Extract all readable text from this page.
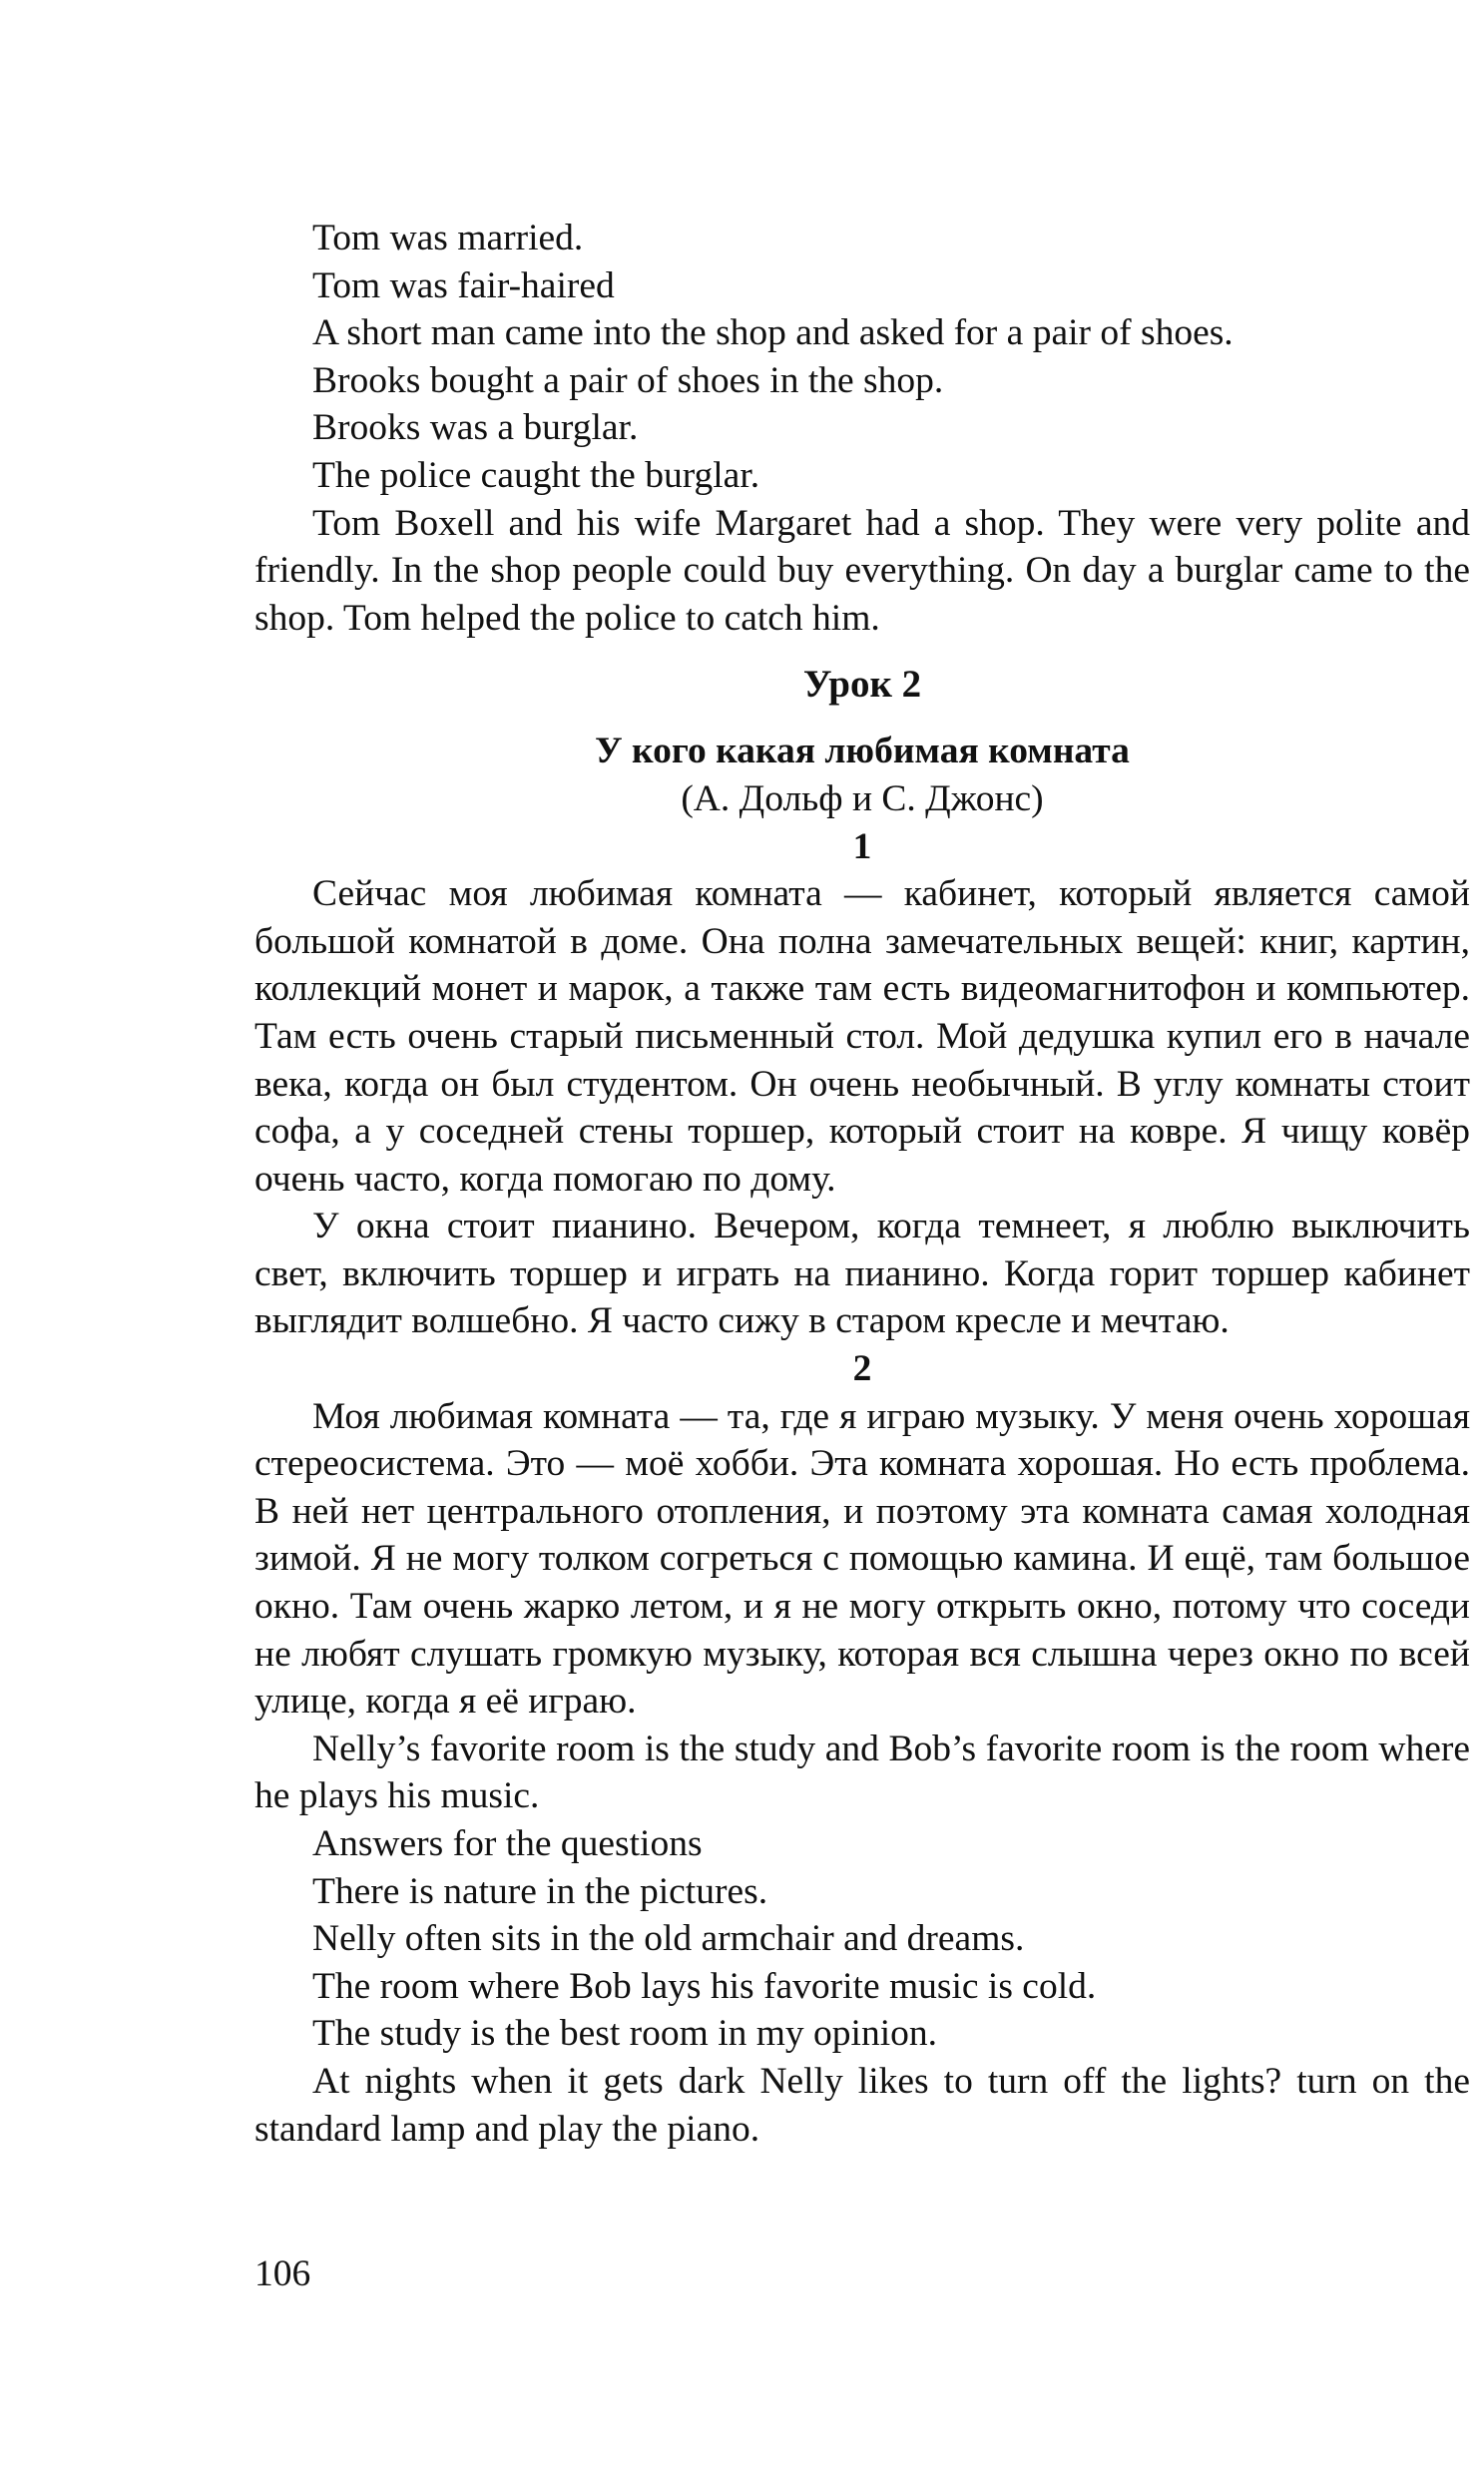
Tom was married.

Tom was fair-haired

A short man came into the shop and asked for a pair of shoes.

Brooks bought a pair of shoes in the shop.

Brooks was a burglar.

The police caught the burglar.

Tom Boxell and his wife Margaret had a shop. They were very polite and friendly. In the shop people could buy everything. On day a burglar came to the shop. Tom helped the police to catch him.

Урок 2

У кого какая любимая комната

(А. Дольф и С. Джонс)

1

Сейчас моя любимая комната — кабинет, который является самой большой комнатой в доме. Она полна замечательных вещей: книг, картин, коллекций монет и марок, а также там есть видеомагнитофон и компьютер. Там есть очень старый письменный стол. Мой дедушка купил его в начале века, когда он был студентом. Он очень необычный. В углу комнаты стоит софа, а у соседней стены торшер, который стоит на ковре. Я чищу ковёр очень часто, когда помогаю по дому.

У окна стоит пианино. Вечером, когда темнеет, я люблю выключить свет, включить торшер и играть на пианино. Когда горит торшер кабинет выглядит волшебно. Я часто сижу в старом кресле и мечтаю.

2

Моя любимая комната — та, где я играю музыку. У меня очень хорошая стереосистема. Это — моё хобби. Эта комната хорошая. Но есть проблема. В ней нет центрального отопления, и поэтому эта комната самая холодная зимой. Я не могу толком согреться с помощью камина. И ещё, там большое окно. Там очень жарко летом, и я не могу открыть окно, потому что соседи не любят слушать громкую музыку, которая вся слышна через окно по всей улице, когда я её играю.

Nelly’s favorite room is the study and Bob’s favorite room is the room where he plays his music.

Answers for the questions

There is nature in the pictures.

Nelly often sits in the old armchair and dreams.

The room where Bob lays his favorite music is cold.

The study is the best room in my opinion.

At nights when it gets dark Nelly likes to turn off the lights? turn on the standard lamp and play the piano.

106
